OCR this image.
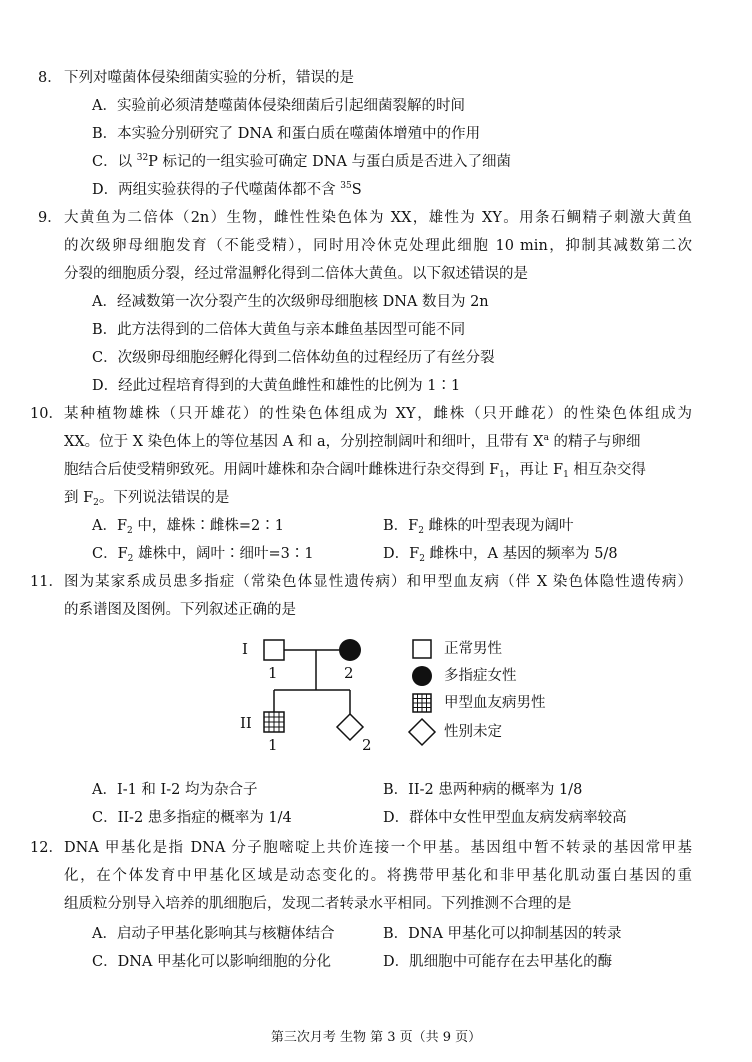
8． 下列对噬菌体侵染细菌实验的分析，错误的是
A．实验前必须清楚噬菌体侵染细菌后引起细菌裂解的时间
B．本实验分别研究了 DNA 和蛋白质在噬菌体增殖中的作用
C．以 $^{32}$P 标记的一组实验可确定 DNA 与蛋白质是否进入了细菌
D．两组实验获得的子代噬菌体都不含 $^{35}$S
9． 大黄鱼为二倍体（2n）生物，雌性性染色体为 XX，雄性为 XY。用条石鲷精子刺激大黄鱼
的次级卵母细胞发育（不能受精），同时用冷休克处理此细胞 10 min，抑制其减数第二次
分裂的细胞质分裂，经过常温孵化得到二倍体大黄鱼。以下叙述错误的是
A．经减数第一次分裂产生的次级卵母细胞核 DNA 数目为 2n
B．此方法得到的二倍体大黄鱼与亲本雌鱼基因型可能不同
C．次级卵母细胞经孵化得到二倍体幼鱼的过程经历了有丝分裂
D．经此过程培育得到的大黄鱼雌性和雄性的比例为 1∶1
10． 某种植物雄株（只开雄花）的性染色体组成为 XY，雌株（只开雌花）的性染色体组成为
XX。位于 X 染色体上的等位基因 A 和 a，分别控制阔叶和细叶，且带有 $X^a$ 的精子与卵细
胞结合后使受精卵致死。用阔叶雄株和杂合阔叶雌株进行杂交得到 $F_1$，再让 $F_1$ 相互杂交得
到 $F_2$。下列说法错误的是
A．$F_2$ 中，雄株∶雌株=2∶1	B．$F_2$ 雌株的叶型表现为阔叶
C．$F_2$ 雄株中，阔叶∶细叶=3∶1	D．$F_2$ 雌株中，A 基因的频率为 5/8
11． 图为某家系成员患多指症（常染色体显性遗传病）和甲型血友病（伴 X 染色体隐性遗传病）
的系谱图及图例。下列叙述正确的是
I
1	2
II
1	2
正常男性
多指症女性
甲型血友病男性
性别未定
A．I-1 和 I-2 均为杂合子	B．II-2 患两种病的概率为 1/8
C．II-2 患多指症的概率为 1/4	D．群体中女性甲型血友病发病率较高
12． DNA 甲基化是指 DNA 分子胞嘧啶上共价连接一个甲基。基因组中暂不转录的基因常甲基
化，在个体发育中甲基化区域是动态变化的。将携带甲基化和非甲基化肌动蛋白基因的重
组质粒分别导入培养的肌细胞后，发现二者转录水平相同。下列推测不合理的是
A．启动子甲基化影响其与核糖体结合	B．DNA 甲基化可以抑制基因的转录
C．DNA 甲基化可以影响细胞的分化	D．肌细胞中可能存在去甲基化的酶
第三次月考 生物 第 3 页（共 9 页）
